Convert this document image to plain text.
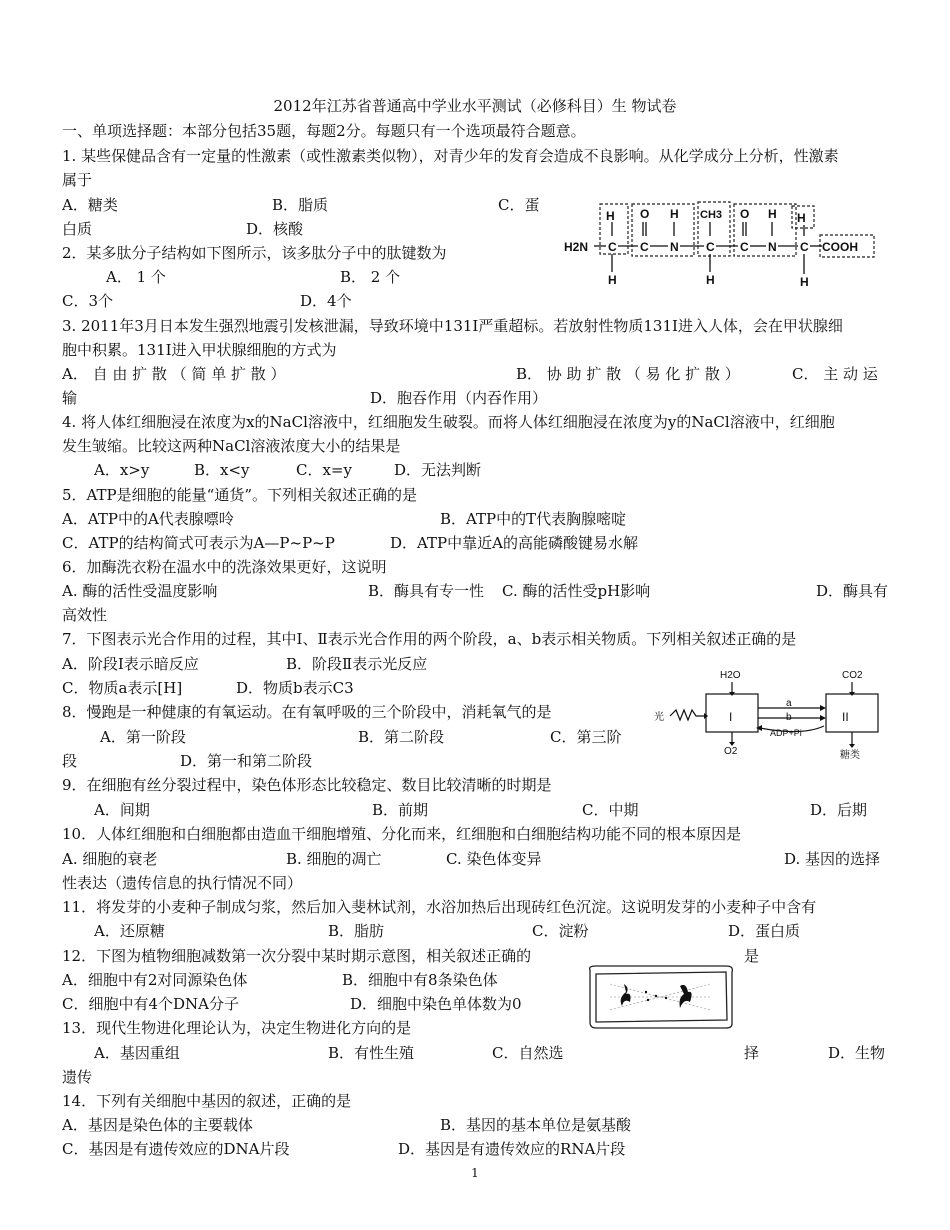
2012年江苏省普通高中学业水平测试（必修科目）生 物试卷
一、单项选择题：本部分包括35题，每题2分。每题只有一个选项最符合题意。
1. 某些保健品含有一定量的性激素（或性激素类似物），对青少年的发育会造成不良影响。从化学成分上分析，性激素
属于
A．糖类	B．脂质	C．蛋
白质	D．核酸
2．某多肽分子结构如下图所示，该多肽分子中的肽键数为
A． 1 个	B． 2 个
C．3个	D．4个
H	CH3	H
COOH
H2N C C N C C N C
O H	O H
H	H	H
3. 2011年3月日本发生强烈地震引发核泄漏，导致环境中131I严重超标。若放射性物质131I进入人体，会在甲状腺细
胞中积累。131I进入甲状腺细胞的方式为
A． 自 由 扩 散 （ 简 单 扩 散 ）	B． 协 助 扩 散 （ 易 化 扩 散 ）	C． 主 动 运
输	D．胞吞作用（内吞作用）
4. 将人体红细胞浸在浓度为x的NaCl溶液中，红细胞发生破裂。而将人体红细胞浸在浓度为y的NaCl溶液中，红细胞
发生皱缩。比较这两种NaCl溶液浓度大小的结果是
A．x>y	B．x<y	C．x=y	D．无法判断
5．ATP是细胞的能量“通货”。下列相关叙述正确的是
A．ATP中的A代表腺嘌呤	B．ATP中的T代表胸腺嘧啶
C．ATP的结构简式可表示为A—P~P~P	D．ATP中靠近A的高能磷酸键易水解
6．加酶洗衣粉在温水中的洗涤效果更好，这说明
A. 酶的活性受温度影响	B．酶具有专一性 C. 酶的活性受pH影响	D．酶具有
高效性
7．下图表示光合作用的过程，其中Ⅰ、Ⅱ表示光合作用的两个阶段，a、b表示相关物质。下列相关叙述正确的是
A．阶段Ⅰ表示暗反应	B．阶段Ⅱ表示光反应
C．物质a表示[H]	D．物质b表示C3
光
H2O
O2
CO2
糖类
I	II
a
b
ADP+Pi
8．慢跑是一种健康的有氧运动。在有氧呼吸的三个阶段中，消耗氧气的是
A．第一阶段	B．第二阶段	C．第三阶
段	D．第一和第二阶段
9．在细胞有丝分裂过程中，染色体形态比较稳定、数目比较清晰的时期是
A．间期	B．前期	C．中期	D．后期
10．人体红细胞和白细胞都由造血干细胞增殖、分化而来，红细胞和白细胞结构功能不同的根本原因是
A. 细胞的衰老	B. 细胞的凋亡	C. 染色体变异	D. 基因的选择
性表达（遗传信息的执行情况不同）
11．将发芽的小麦种子制成匀浆，然后加入斐林试剂，水浴加热后出现砖红色沉淀。这说明发芽的小麦种子中含有
A．还原糖	B．脂肪	C．淀粉	D．蛋白质
12．下图为植物细胞减数第一次分裂中某时期示意图，相关叙述正确的	是
A．细胞中有2对同源染色体	B．细胞中有8条染色体
C．细胞中有4个DNA分子	D．细胞中染色单体数为0
13．现代生物进化理论认为，决定生物进化方向的是
A．基因重组	B．有性生殖	C．自然选	择	D．生物
遗传
14．下列有关细胞中基因的叙述，正确的是
A．基因是染色体的主要载体	B．基因的基本单位是氨基酸
C．基因是有遗传效应的DNA片段	D．基因是有遗传效应的RNA片段
1
